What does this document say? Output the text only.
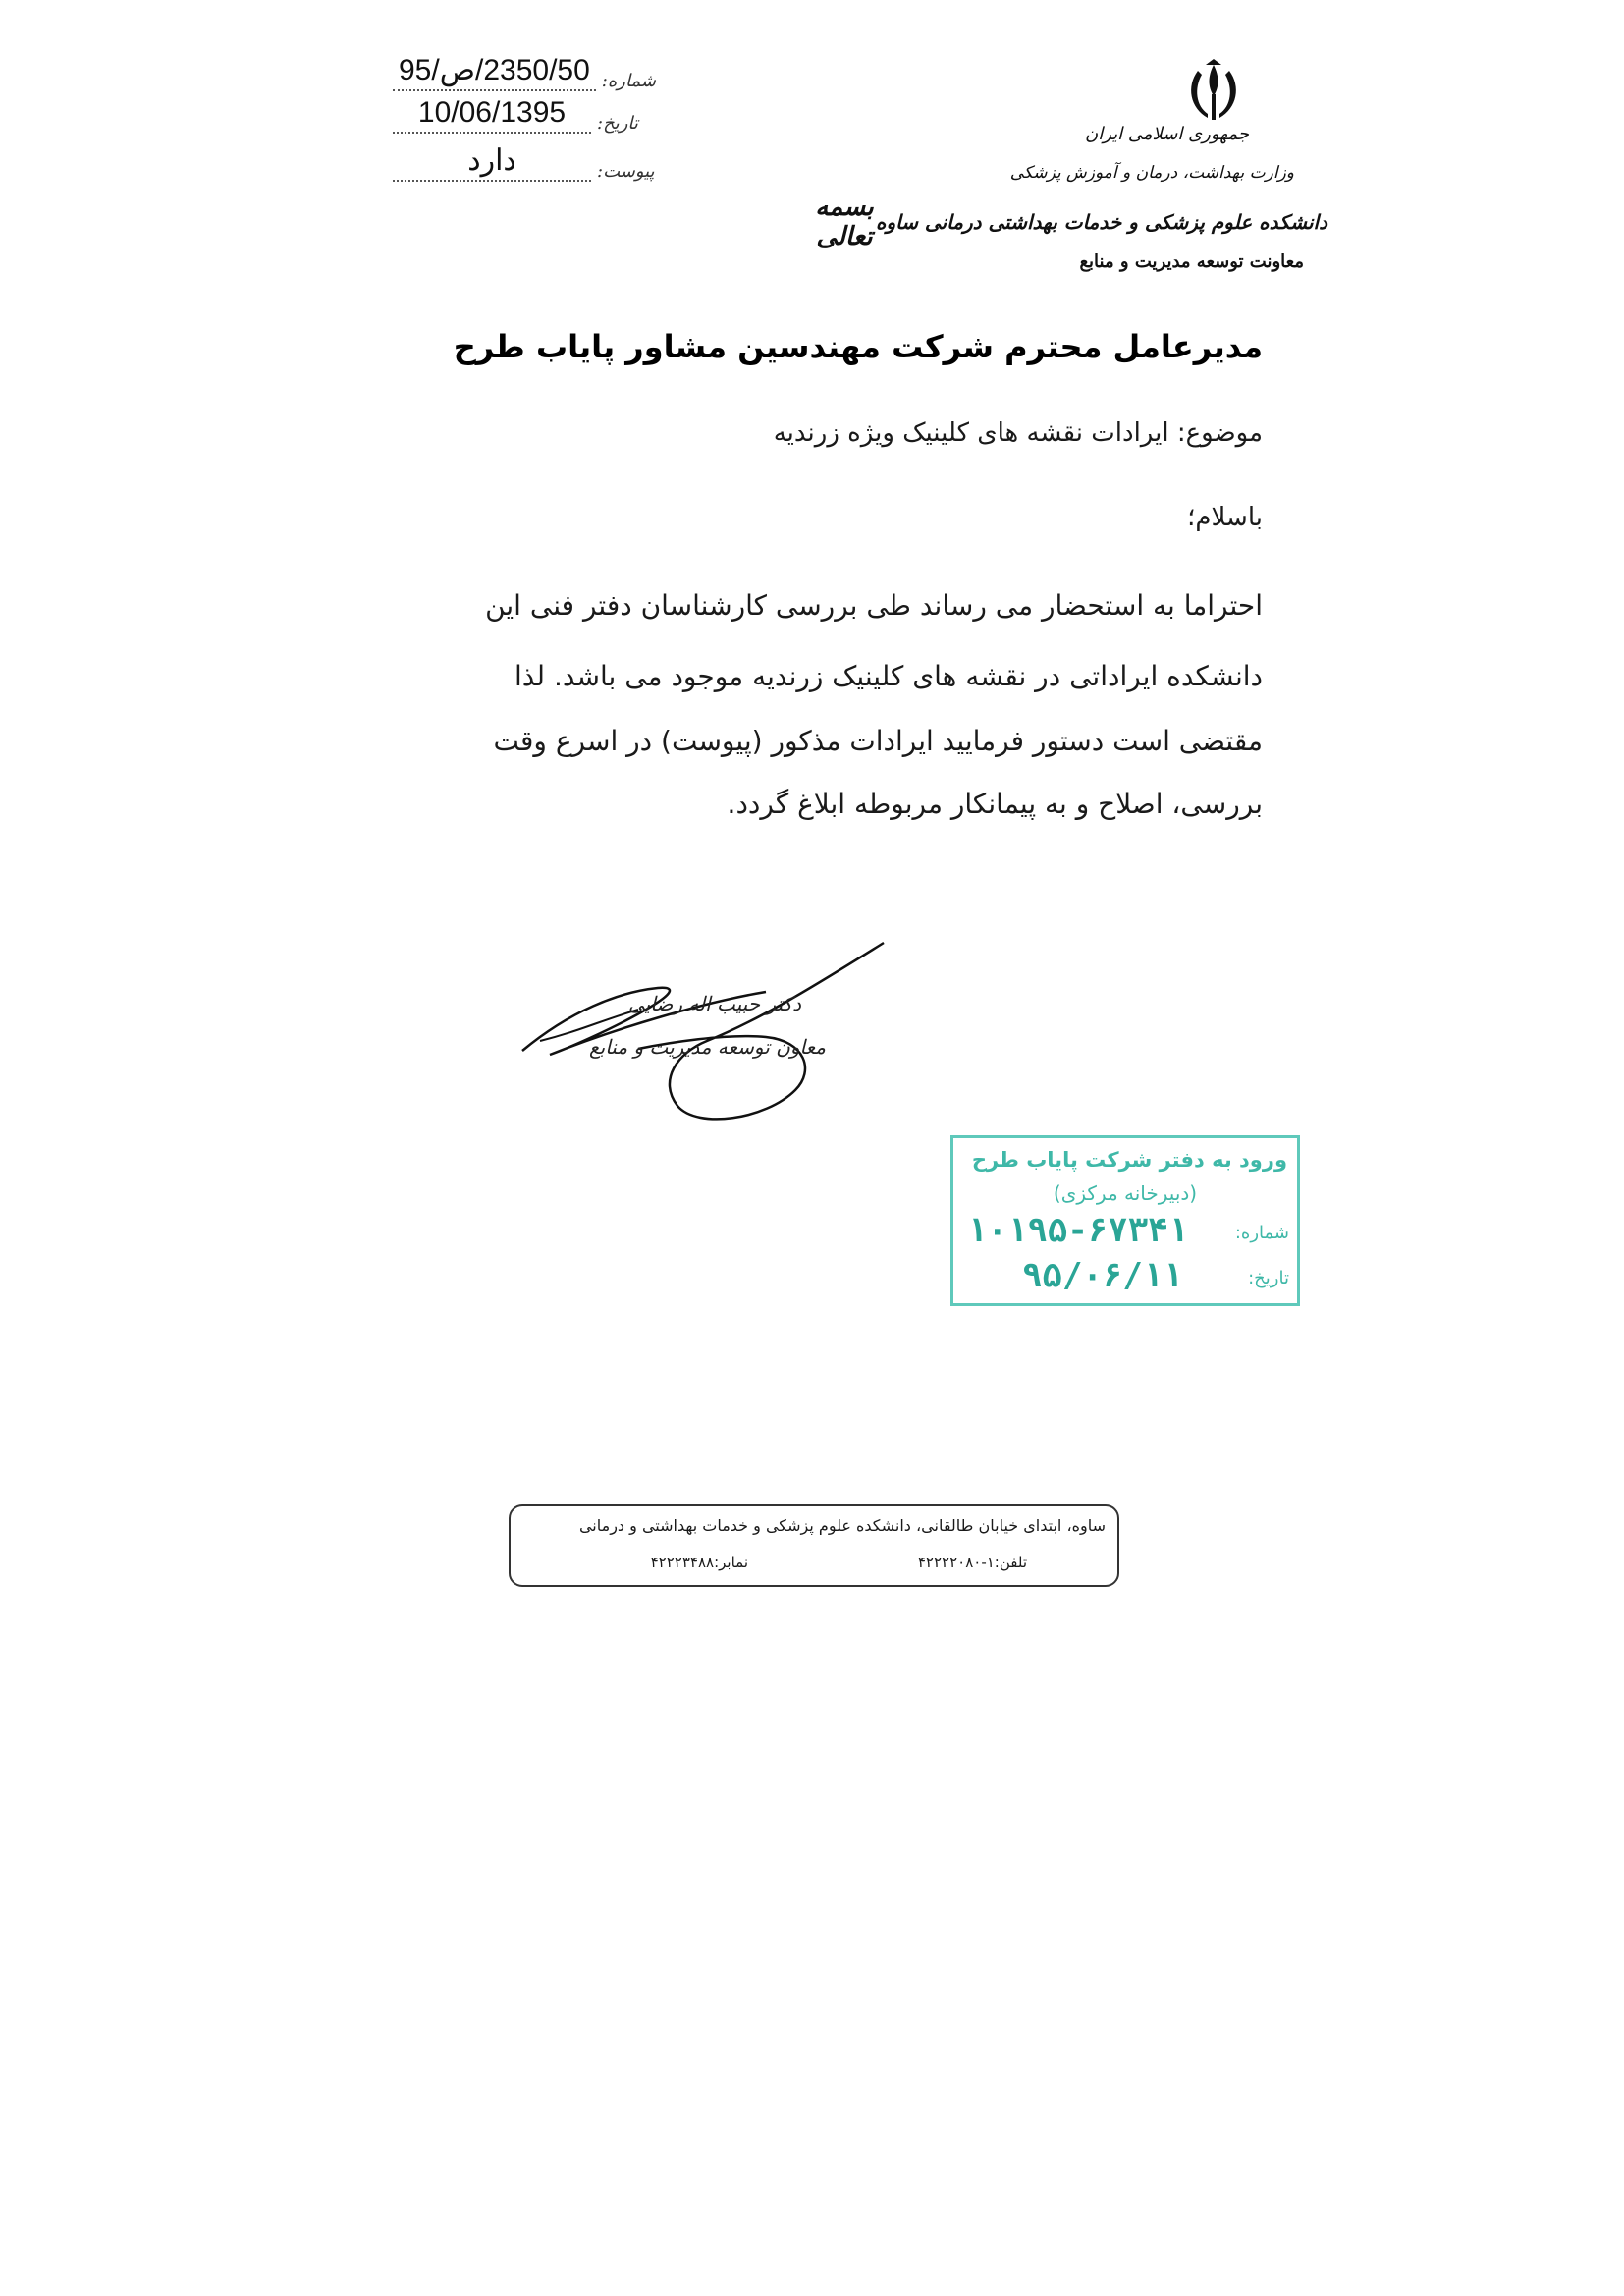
شماره:
2350/50/ص/95
تاریخ:
10/06/1395
پیوست:
دارد
جمهوری اسلامی ایران
وزارت بهداشت، درمان و آموزش پزشکی
دانشکده علوم پزشکی و خدمات بهداشتی درمانی ساوه
معاونت توسعه مدیریت و منابع
بسمه تعالی
مدیرعامل محترم شرکت مهندسین مشاور پایاب طرح
موضوع: ایرادات نقشه های کلینیک ویژه زرندیه
باسلام؛
احتراما به استحضار می رساند طی بررسی کارشناسان دفتر فنی این
دانشکده ایراداتی در نقشه های کلینیک زرندیه موجود می باشد. لذا
مقتضی است دستور فرمایید ایرادات مذکور (پیوست) در اسرع وقت
بررسی، اصلاح و به پیمانکار مربوطه ابلاغ گردد.
دکتر حبیب اله رضایی
معاون توسعه مدیریت و منابع
ورود به دفتر شرکت پایاب طرح
(دبیرخانه مرکزی)
شماره:
۱۰۱۹۵-۶۷۳۴۱
تاریخ:
۹۵/۰۶/۱۱
ساوه، ابتدای خیابان طالقانی، دانشکده علوم پزشکی و خدمات بهداشتی و درمانی
تلفن:۱-۴۲۲۲۲۰۸۰
نمابر:۴۲۲۲۳۴۸۸
